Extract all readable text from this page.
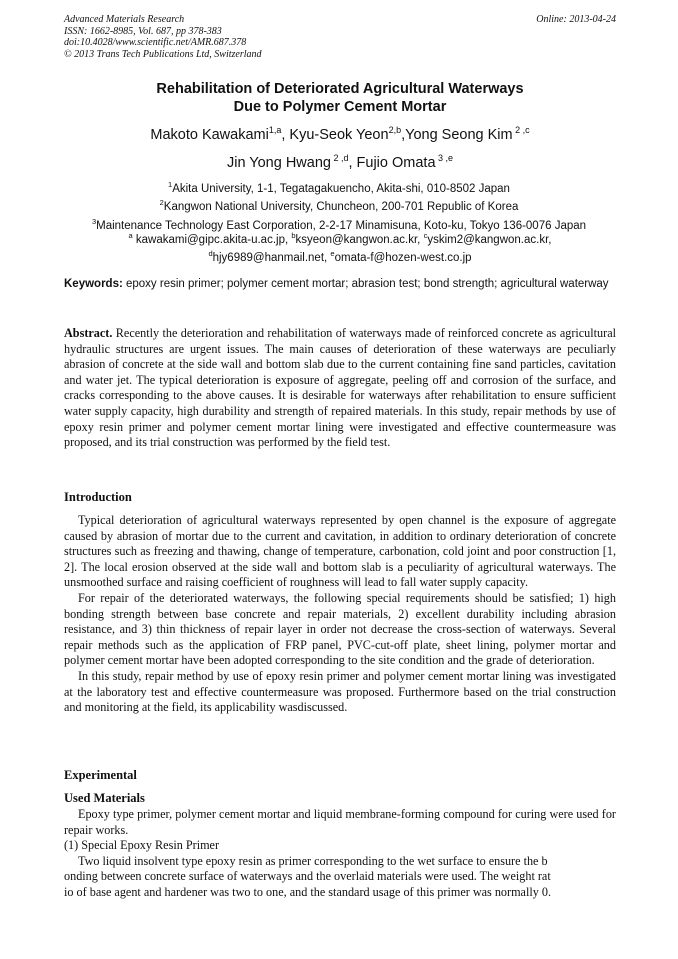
Advanced Materials Research
ISSN: 1662-8985, Vol. 687, pp 378-383
doi:10.4028/www.scientific.net/AMR.687.378
© 2013 Trans Tech Publications Ltd, Switzerland
Online: 2013-04-24
Rehabilitation of Deteriorated Agricultural Waterways
Due to Polymer Cement Mortar
Makoto Kawakami$^{1,a}$, Kyu-Seok Yeon$^{2,b}$,Yong Seong Kim $^{2 ,c}$
Jin Yong Hwang $^{2 ,d}$, Fujio Omata $^{3 ,e}$
$^1$Akita University, 1-1, Tegatagakuencho, Akita-shi, 010-8502 Japan
$^2$Kangwon National University, Chuncheon, 200-701 Republic of Korea
$^3$Maintenance Technology East Corporation, 2-2-17 Minamisuna, Koto-ku, Tokyo 136-0076 Japan
$^a$ kawakami@gipc.akita-u.ac.jp, $^b$ksyeon@kangwon.ac.kr, $^c$yskim2@kangwon.ac.kr,
$^d$hjy6989@hanmail.net, $^e$omata-f@hozen-west.co.jp
Keywords: epoxy resin primer; polymer cement mortar; abrasion test; bond strength; agricultural waterway

Abstract. Recently the deterioration and rehabilitation of waterways made of reinforced concrete as agricultural hydraulic structures are urgent issues. The main causes of deterioration of these waterways are peculiarly abrasion of concrete at the side wall and bottom slab due to the current containing fine sand particles, cavitation and water jet. The typical deterioration is exposure of aggregate, peeling off and corrosion of the surface, and cracks corresponding to the above causes. It is desirable for waterways after rehabilitation to ensure sufficient water supply capacity, high durability and strength of repaired materials. In this study, repair methods by use of epoxy resin primer and polymer cement mortar lining were investigated and effective countermeasure was proposed, and its trial construction was performed by the field test.

Introduction

Typical deterioration of agricultural waterways represented by open channel is the exposure of aggregate caused by abrasion of mortar due to the current and cavitation, in addition to ordinary deterioration of concrete structures such as freezing and thawing, change of temperature, carbonation, cold joint and poor construction [1, 2]. The local erosion observed at the side wall and bottom slab is a peculiarity of agricultural waterways. The unsmoothed surface and raising coefficient of roughness will lead to fall water supply capacity.

For repair of the deteriorated waterways, the following special requirements should be satisfied; 1) high bonding strength between base concrete and repair materials, 2) excellent durability including abrasion resistance, and 3) thin thickness of repair layer in order not decrease the cross-section of waterways. Several repair methods such as the application of FRP panel, PVC-cut-off plate, sheet lining, polymer mortar and polymer cement mortar have been adopted corresponding to the site condition and the grade of deterioration.

In this study, repair method by use of epoxy resin primer and polymer cement mortar lining was investigated at the laboratory test and effective countermeasure was proposed. Furthermore based on the trial construction and monitoring at the field, its applicability wasdiscussed.

Experimental
Used Materials

Epoxy type primer, polymer cement mortar and liquid membrane-forming compound for curing were used for repair works.

(1) Special Epoxy Resin Primer

Two liquid insolvent type epoxy resin as primer corresponding to the wet surface to ensure the b

onding between concrete surface of waterways and the overlaid materials were used. The weight rat

io of base agent and hardener was two to one, and the standard usage of this primer was normally 0.
